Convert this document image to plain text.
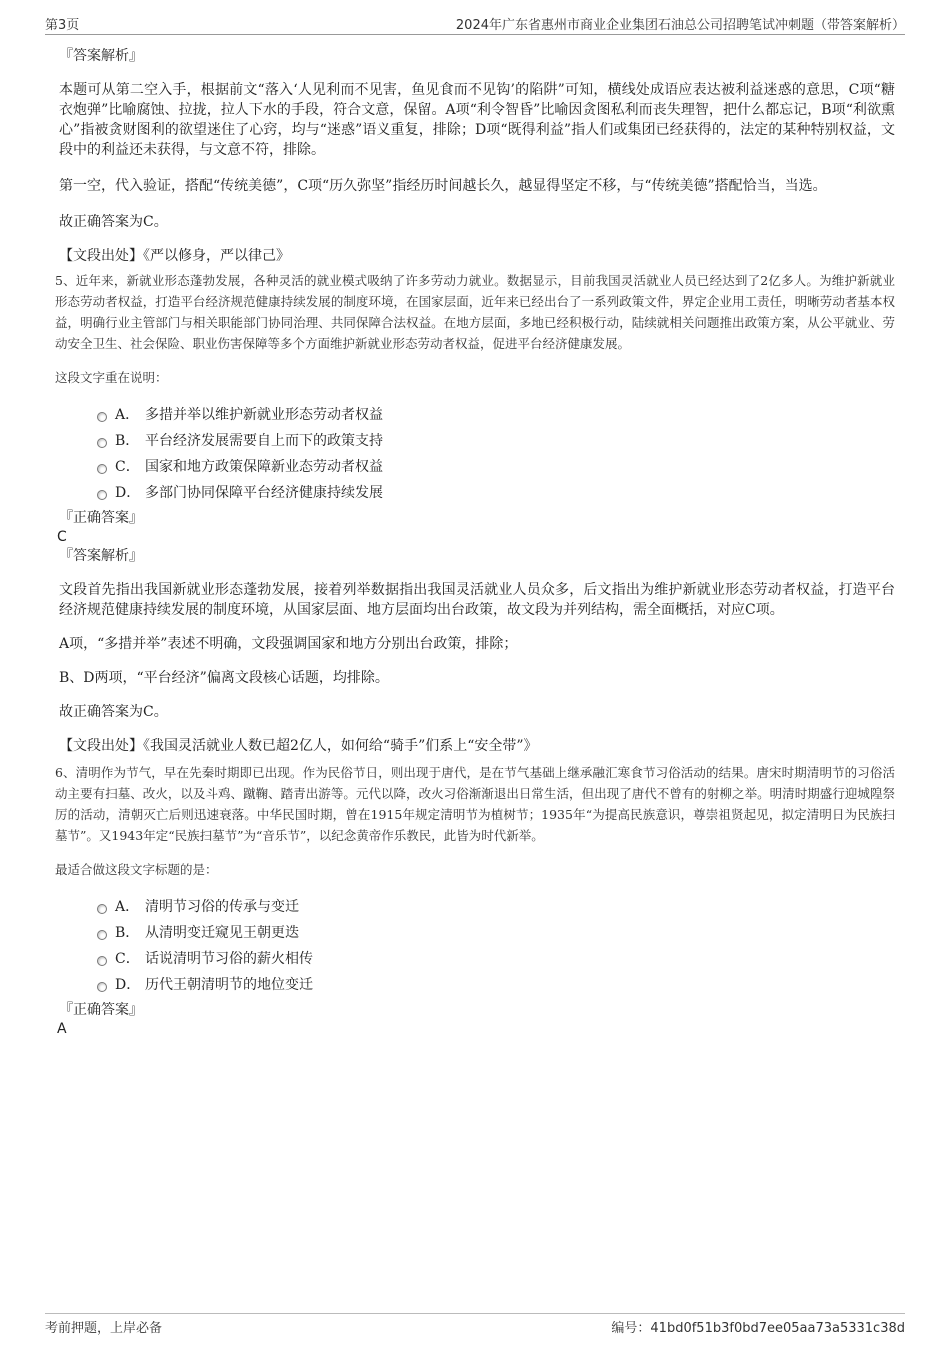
第3页	2024年广东省惠州市商业企业集团石油总公司招聘笔试冲刺题（带答案解析）

『答案解析』

本题可从第二空入手，根据前文“落入‘人见利而不见害，鱼见食而不见钩’的陷阱”可知，横线处成语应表达被利益迷惑的意思，C项“糖衣炮弹”比喻腐蚀、拉拢，拉人下水的手段，符合文意，保留。A项“利令智昏”比喻因贪图私利而丧失理智，把什么都忘记，B项“利欲熏心”指被贪财图利的欲望迷住了心窍，均与“迷惑”语义重复，排除；D项“既得利益”指人们或集团已经获得的，法定的某种特别权益，文段中的利益还未获得，与文意不符，排除。

第一空，代入验证，搭配“传统美德”，C项“历久弥坚”指经历时间越长久，越显得坚定不移，与“传统美德”搭配恰当，当选。

故正确答案为C。

【文段出处】《严以修身，严以律己》

5、近年来，新就业形态蓬勃发展，各种灵活的就业模式吸纳了许多劳动力就业。数据显示，目前我国灵活就业人员已经达到了2亿多人。为维护新就业形态劳动者权益，打造平台经济规范健康持续发展的制度环境，在国家层面，近年来已经出台了一系列政策文件，界定企业用工责任，明晰劳动者基本权益，明确行业主管部门与相关职能部门协同治理、共同保障合法权益。在地方层面，多地已经积极行动，陆续就相关问题推出政策方案，从公平就业、劳动安全卫生、社会保险、职业伤害保障等多个方面维护新就业形态劳动者权益，促进平台经济健康发展。

这段文字重在说明：

A． 多措并举以维护新就业形态劳动者权益
B． 平台经济发展需要自上而下的政策支持
C． 国家和地方政策保障新业态劳动者权益
D． 多部门协同保障平台经济健康持续发展

『正确答案』

C

『答案解析』

文段首先指出我国新就业形态蓬勃发展，接着列举数据指出我国灵活就业人员众多，后文指出为维护新就业形态劳动者权益，打造平台经济规范健康持续发展的制度环境，从国家层面、地方层面均出台政策，故文段为并列结构，需全面概括，对应C项。

A项，“多措并举”表述不明确，文段强调国家和地方分别出台政策，排除；

B、D两项，“平台经济”偏离文段核心话题，均排除。

故正确答案为C。

【文段出处】《我国灵活就业人数已超2亿人，如何给“骑手”们系上“安全带”》

6、清明作为节气，早在先秦时期即已出现。作为民俗节日，则出现于唐代，是在节气基础上继承融汇寒食节习俗活动的结果。唐宋时期清明节的习俗活动主要有扫墓、改火，以及斗鸡、蹴鞠、踏青出游等。元代以降，改火习俗渐渐退出日常生活，但出现了唐代不曾有的射柳之举。明清时期盛行迎城隍祭厉的活动，清朝灭亡后则迅速衰落。中华民国时期，曾在1915年规定清明节为植树节；1935年“为提高民族意识，尊崇祖贤起见，拟定清明日为民族扫墓节”。又1943年定“民族扫墓节”为“音乐节”，以纪念黄帝作乐教民，此皆为时代新举。

最适合做这段文字标题的是：

A． 清明节习俗的传承与变迁
B． 从清明变迁窥见王朝更迭
C． 话说清明节习俗的薪火相传
D． 历代王朝清明节的地位变迁

『正确答案』

A

考前押题，上岸必备	编号：41bd0f51b3f0bd7ee05aa73a5331c38d
